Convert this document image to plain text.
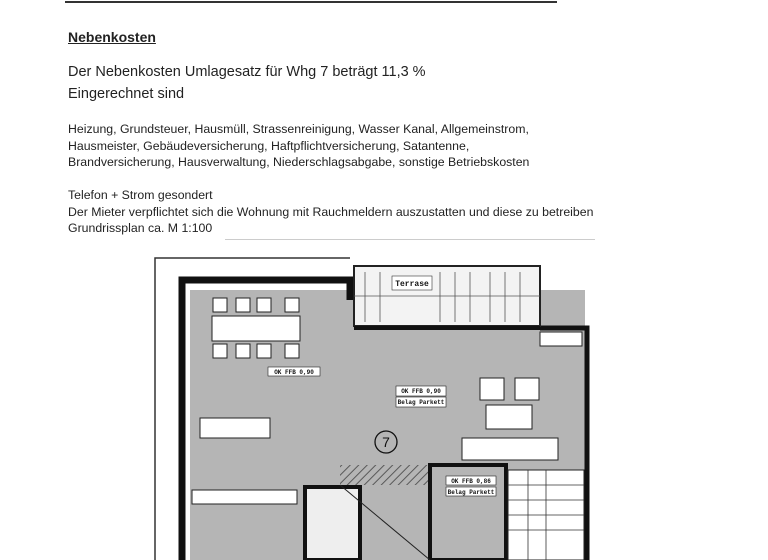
Nebenkosten
Der Nebenkosten Umlagesatz für Whg 7 beträgt 11,3 %
Eingerechnet sind
Heizung, Grundsteuer, Hausmüll, Strassenreinigung, Wasser Kanal, Allgemeinstrom,
Hausmeister, Gebäudeversicherung, Haftpflichtversicherung, Satantenne,
Brandversicherung, Hausverwaltung, Niederschlagsabgabe, sonstige Betriebskosten
Telefon + Strom gesondert
Der Mieter verpflichtet sich die Wohnung mit Rauchmeldern auszustatten und diese zu betreiben
Grundrissplan ca. M 1:100
Terrase
OK FFB 0,90
OK FFB 0,90
Belag Parkett
7
OK FFB 0,86
Belag Parkett
